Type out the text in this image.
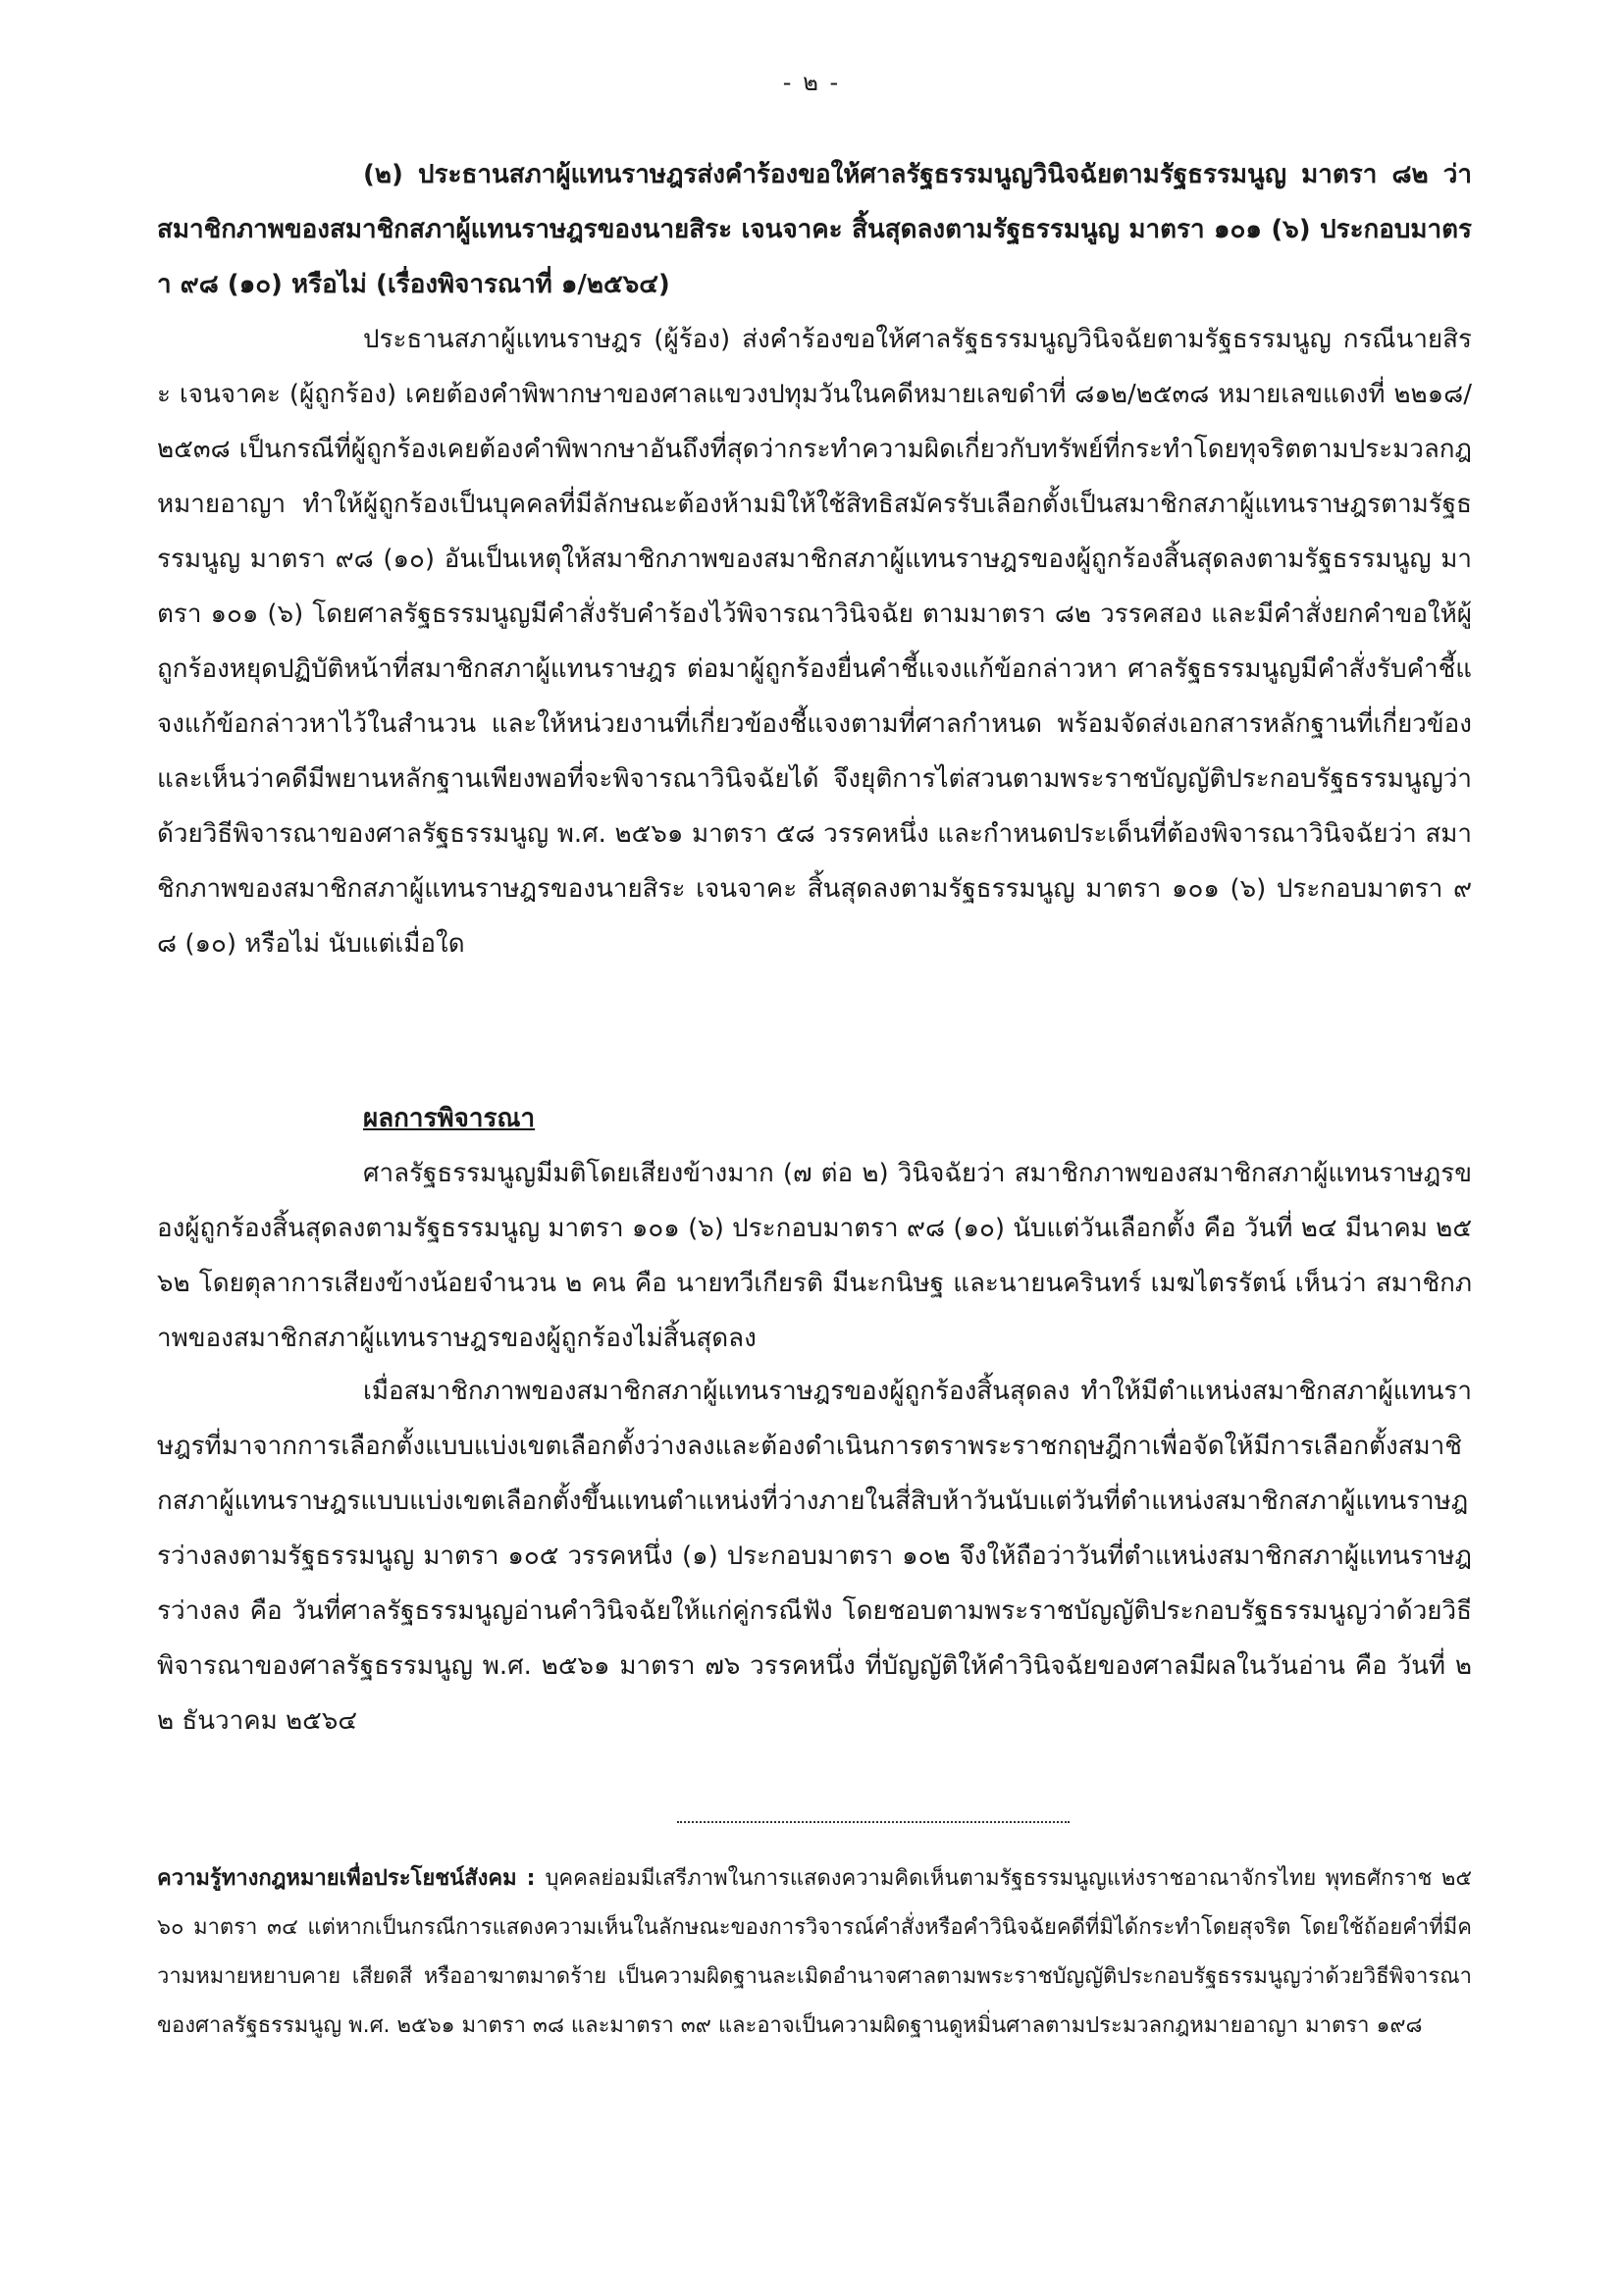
- ๒ -
(๒) ประธานสภาผู้แทนราษฎรส่งคำร้องขอให้ศาลรัฐธรรมนูญวินิจฉัยตามรัฐธรรมนูญ มาตรา ๘๒ ว่า สมาชิกภาพของสมาชิกสภาผู้แทนราษฎรของนายสิระ เจนจาคะ สิ้นสุดลงตามรัฐธรรมนูญ มาตรา ๑๐๑ (๖) ประกอบมาตรา ๙๘ (๑๐) หรือไม่ (เรื่องพิจารณาที่ ๑/๒๕๖๔)
ประธานสภาผู้แทนราษฎร (ผู้ร้อง) ส่งคำร้องขอให้ศาลรัฐธรรมนูญวินิจฉัยตามรัฐธรรมนูญ กรณีนายสิระ เจนจาคะ (ผู้ถูกร้อง) เคยต้องคำพิพากษาของศาลแขวงปทุมวันในคดีหมายเลขดำที่ ๘๑๒/๒๕๓๘ หมายเลขแดงที่ ๒๒๑๘/๒๕๓๘ เป็นกรณีที่ผู้ถูกร้องเคยต้องคำพิพากษาอันถึงที่สุดว่ากระทำความผิดเกี่ยวกับทรัพย์ที่กระทำโดยทุจริตตามประมวลกฎหมายอาญา ทำให้ผู้ถูกร้องเป็นบุคคลที่มีลักษณะต้องห้ามมิให้ใช้สิทธิสมัครรับเลือกตั้งเป็นสมาชิกสภาผู้แทนราษฎรตามรัฐธรรมนูญ มาตรา ๙๘ (๑๐) อันเป็นเหตุให้สมาชิกภาพของสมาชิกสภาผู้แทนราษฎรของผู้ถูกร้องสิ้นสุดลงตามรัฐธรรมนูญ มาตรา ๑๐๑ (๖) โดยศาลรัฐธรรมนูญมีคำสั่งรับคำร้องไว้พิจารณาวินิจฉัย ตามมาตรา ๘๒ วรรคสอง และมีคำสั่งยกคำขอให้ผู้ถูกร้องหยุดปฏิบัติหน้าที่สมาชิกสภาผู้แทนราษฎร ต่อมาผู้ถูกร้องยื่นคำชี้แจงแก้ข้อกล่าวหา ศาลรัฐธรรมนูญมีคำสั่งรับคำชี้แจงแก้ข้อกล่าวหาไว้ในสำนวน และให้หน่วยงานที่เกี่ยวข้องชี้แจงตามที่ศาลกำหนด พร้อมจัดส่งเอกสารหลักฐานที่เกี่ยวข้อง และเห็นว่าคดีมีพยานหลักฐานเพียงพอที่จะพิจารณาวินิจฉัยได้ จึงยุติการไต่สวนตามพระราชบัญญัติประกอบรัฐธรรมนูญว่าด้วยวิธีพิจารณาของศาลรัฐธรรมนูญ พ.ศ. ๒๕๖๑ มาตรา ๕๘ วรรคหนึ่ง และกำหนดประเด็นที่ต้องพิจารณาวินิจฉัยว่า สมาชิกภาพของสมาชิกสภาผู้แทนราษฎรของนายสิระ เจนจาคะ สิ้นสุดลงตามรัฐธรรมนูญ มาตรา ๑๐๑ (๖) ประกอบมาตรา ๙๘ (๑๐) หรือไม่ นับแต่เมื่อใด
ผลการพิจารณา
ศาลรัฐธรรมนูญมีมติโดยเสียงข้างมาก (๗ ต่อ ๒) วินิจฉัยว่า สมาชิกภาพของสมาชิกสภาผู้แทนราษฎรของผู้ถูกร้องสิ้นสุดลงตามรัฐธรรมนูญ มาตรา ๑๐๑ (๖) ประกอบมาตรา ๙๘ (๑๐) นับแต่วันเลือกตั้ง คือ วันที่ ๒๔ มีนาคม ๒๕๖๒ โดยตุลาการเสียงข้างน้อยจำนวน ๒ คน คือ นายทวีเกียรติ มีนะกนิษฐ และนายนครินทร์ เมฆไตรรัตน์ เห็นว่า สมาชิกภาพของสมาชิกสภาผู้แทนราษฎรของผู้ถูกร้องไม่สิ้นสุดลง
เมื่อสมาชิกภาพของสมาชิกสภาผู้แทนราษฎรของผู้ถูกร้องสิ้นสุดลง ทำให้มีตำแหน่งสมาชิกสภาผู้แทนราษฎรที่มาจากการเลือกตั้งแบบแบ่งเขตเลือกตั้งว่างลงและต้องดำเนินการตราพระราชกฤษฎีกาเพื่อจัดให้มีการเลือกตั้งสมาชิกสภาผู้แทนราษฎรแบบแบ่งเขตเลือกตั้งขึ้นแทนตำแหน่งที่ว่างภายในสี่สิบห้าวันนับแต่วันที่ตำแหน่งสมาชิกสภาผู้แทนราษฎรว่างลงตามรัฐธรรมนูญ มาตรา ๑๐๕ วรรคหนึ่ง (๑) ประกอบมาตรา ๑๐๒ จึงให้ถือว่าวันที่ตำแหน่งสมาชิกสภาผู้แทนราษฎรว่างลง คือ วันที่ศาลรัฐธรรมนูญอ่านคำวินิจฉัยให้แก่คู่กรณีฟัง โดยชอบตามพระราชบัญญัติประกอบรัฐธรรมนูญว่าด้วยวิธีพิจารณาของศาลรัฐธรรมนูญ พ.ศ. ๒๕๖๑ มาตรา ๗๖ วรรคหนึ่ง ที่บัญญัติให้คำวินิจฉัยของศาลมีผลในวันอ่าน คือ วันที่ ๒๒ ธันวาคม ๒๕๖๔
ความรู้ทางกฎหมายเพื่อประโยชน์สังคม : บุคคลย่อมมีเสรีภาพในการแสดงความคิดเห็นตามรัฐธรรมนูญแห่งราชอาณาจักรไทย พุทธศักราช ๒๕๖๐ มาตรา ๓๔ แต่หากเป็นกรณีการแสดงความเห็นในลักษณะของการวิจารณ์คำสั่งหรือคำวินิจฉัยคดีที่มิได้กระทำโดยสุจริต โดยใช้ถ้อยคำที่มีความหมายหยาบคาย เสียดสี หรืออาฆาตมาดร้าย เป็นความผิดฐานละเมิดอำนาจศาลตามพระราชบัญญัติประกอบรัฐธรรมนูญว่าด้วยวิธีพิจารณาของศาลรัฐธรรมนูญ พ.ศ. ๒๕๖๑ มาตรา ๓๘ และมาตรา ๓๙ และอาจเป็นความผิดฐานดูหมิ่นศาลตามประมวลกฎหมายอาญา มาตรา ๑๙๘
